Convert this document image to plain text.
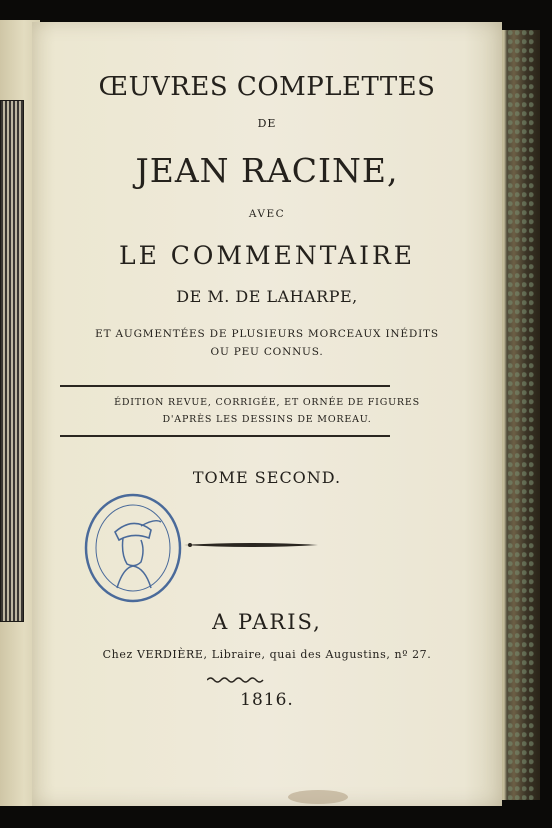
ŒUVRES COMPLETTES
DE
JEAN RACINE,
AVEC
LE COMMENTAIRE
DE M. DE LAHARPE,
ET AUGMENTÉES DE PLUSIEURS MORCEAUX INÉDITS
OU PEU CONNUS.
ÉDITION REVUE, CORRIGÉE, ET ORNÉE DE FIGURES
D'APRÈS LES DESSINS DE MOREAU.
TOME SECOND.
A PARIS,
Chez VERDIÈRE, Libraire, quai des Augustins, nº 27.
1816.
